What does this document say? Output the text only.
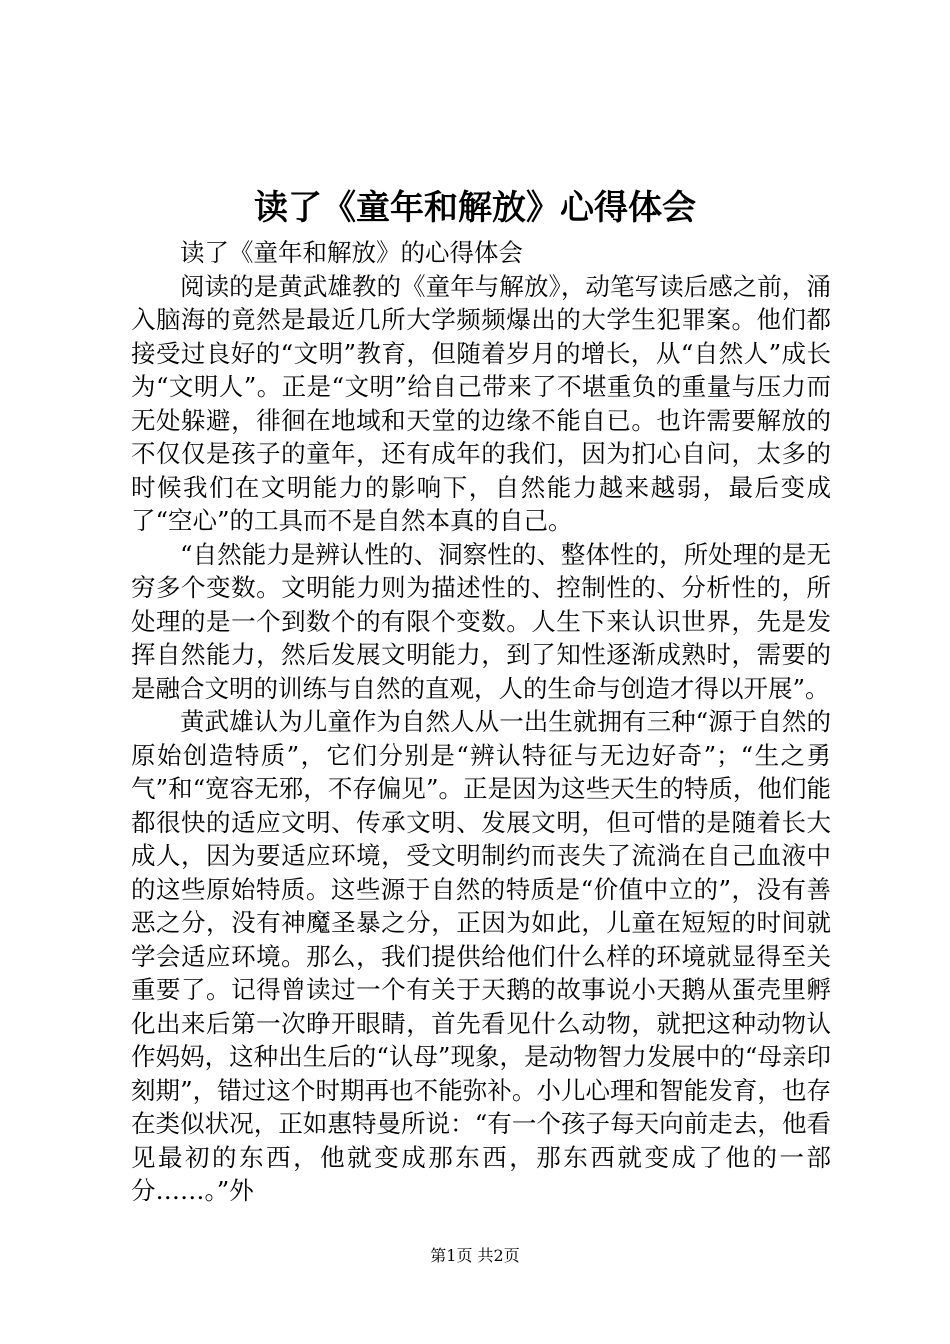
读了《童年和解放》心得体会

读了《童年和解放》的心得体会

阅读的是黄武雄教的《童年与解放》，动笔写读后感之前，涌入脑海的竟然是最近几所大学频频爆出的大学生犯罪案。他们都接受过良好的“文明”教育，但随着岁月的增长，从“自然人”成长为“文明人”。正是“文明”给自己带来了不堪重负的重量与压力而无处躲避，徘徊在地域和天堂的边缘不能自已。也许需要解放的不仅仅是孩子的童年，还有成年的我们，因为扪心自问，太多的时候我们在文明能力的影响下，自然能力越来越弱，最后变成了“空心”的工具而不是自然本真的自己。

“自然能力是辨认性的、洞察性的、整体性的，所处理的是无穷多个变数。文明能力则为描述性的、控制性的、分析性的，所处理的是一个到数个的有限个变数。人生下来认识世界，先是发挥自然能力，然后发展文明能力，到了知性逐渐成熟时，需要的是融合文明的训练与自然的直观，人的生命与创造才得以开展”。

黄武雄认为儿童作为自然人从一出生就拥有三种“源于自然的原始创造特质”，它们分别是“辨认特征与无边好奇”；“生之勇气”和“宽容无邪，不存偏见”。正是因为这些天生的特质，他们能都很快的适应文明、传承文明、发展文明，但可惜的是随着长大成人，因为要适应环境，受文明制约而丧失了流淌在自己血液中的这些原始特质。这些源于自然的特质是“价值中立的”，没有善恶之分，没有神魔圣暴之分，正因为如此，儿童在短短的时间就学会适应环境。那么，我们提供给他们什么样的环境就显得至关重要了。记得曾读过一个有关于天鹅的故事说小天鹅从蛋壳里孵化出来后第一次睁开眼睛，首先看见什么动物，就把这种动物认作妈妈，这种出生后的“认母”现象，是动物智力发展中的“母亲印刻期”，错过这个时期再也不能弥补。小儿心理和智能发育，也存在类似状况，正如惠特曼所说：“有一个孩子每天向前走去，他看见最初的东西，他就变成那东西，那东西就变成了他的一部分……。”外

第1页 共2页
